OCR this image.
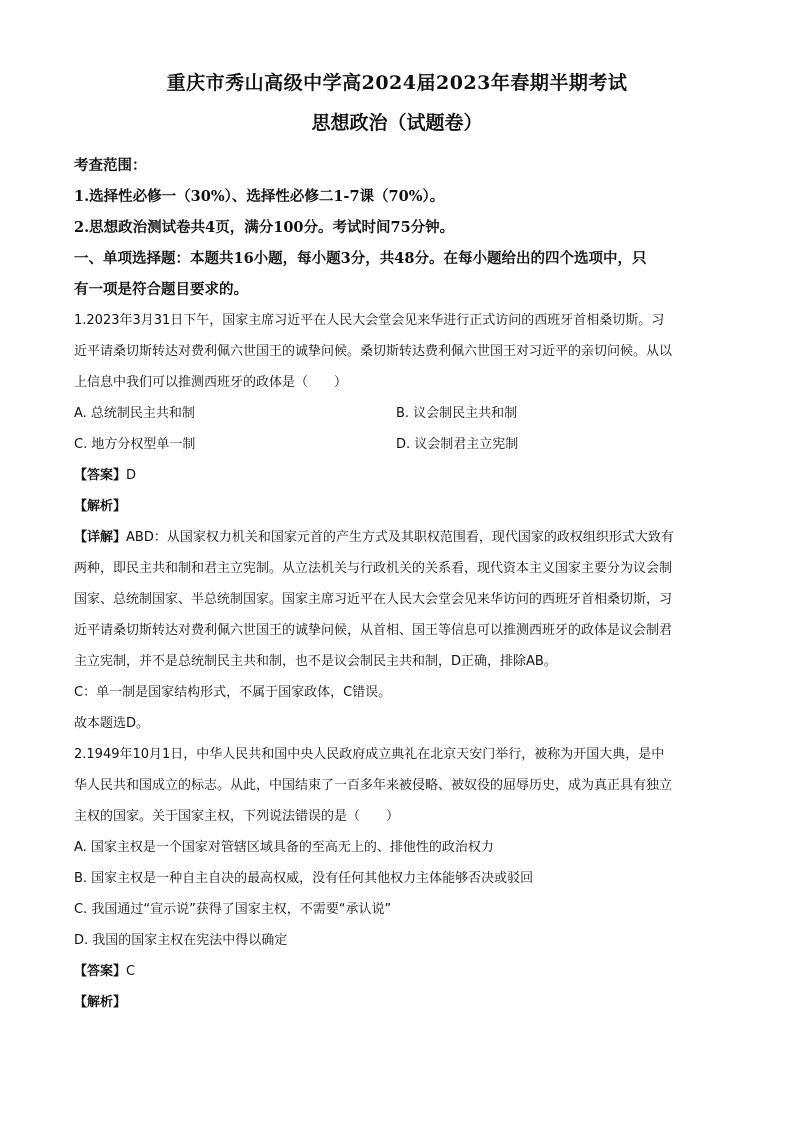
重庆市秀山高级中学高2024届2023年春期半期考试

思想政治（试题卷）

考查范围：

1.选择性必修一（30%）、选择性必修二1-7课（70%）。

2.思想政治测试卷共4页，满分100分。考试时间75分钟。

一、单项选择题：本题共16小题，每小题3分，共48分。在每小题给出的四个选项中，只

有一项是符合题目要求的。

1.2023年3月31日下午，国家主席习近平在人民大会堂会见来华进行正式访问的西班牙首相桑切斯。习

近平请桑切斯转达对费利佩六世国王的诚挚问候。桑切斯转达费利佩六世国王对习近平的亲切问候。从以

上信息中我们可以推测西班牙的政体是（　　）

A. 总统制民主共和制	B. 议会制民主共和制
C. 地方分权型单一制	D. 议会制君主立宪制

【答案】D

【解析】

【详解】ABD：从国家权力机关和国家元首的产生方式及其职权范围看，现代国家的政权组织形式大致有

两种，即民主共和制和君主立宪制。从立法机关与行政机关的关系看，现代资本主义国家主要分为议会制

国家、总统制国家、半总统制国家。国家主席习近平在人民大会堂会见来华访问的西班牙首相桑切斯，习

近平请桑切斯转达对费利佩六世国王的诚挚问候，从首相、国王等信息可以推测西班牙的政体是议会制君

主立宪制，并不是总统制民主共和制，也不是议会制民主共和制，D正确，排除AB。

C：单一制是国家结构形式，不属于国家政体，C错误。

故本题选D。

2.1949年10月1日，中华人民共和国中央人民政府成立典礼在北京天安门举行，被称为开国大典，是中

华人民共和国成立的标志。从此，中国结束了一百多年来被侵略、被奴役的屈辱历史，成为真正具有独立

主权的国家。关于国家主权，下列说法错误的是（　　）

A. 国家主权是一个国家对管辖区域具备的至高无上的、排他性的政治权力

B. 国家主权是一种自主自决的最高权威，没有任何其他权力主体能够否决或驳回

C. 我国通过“宣示说”获得了国家主权，不需要“承认说”

D. 我国的国家主权在宪法中得以确定

【答案】C

【解析】
